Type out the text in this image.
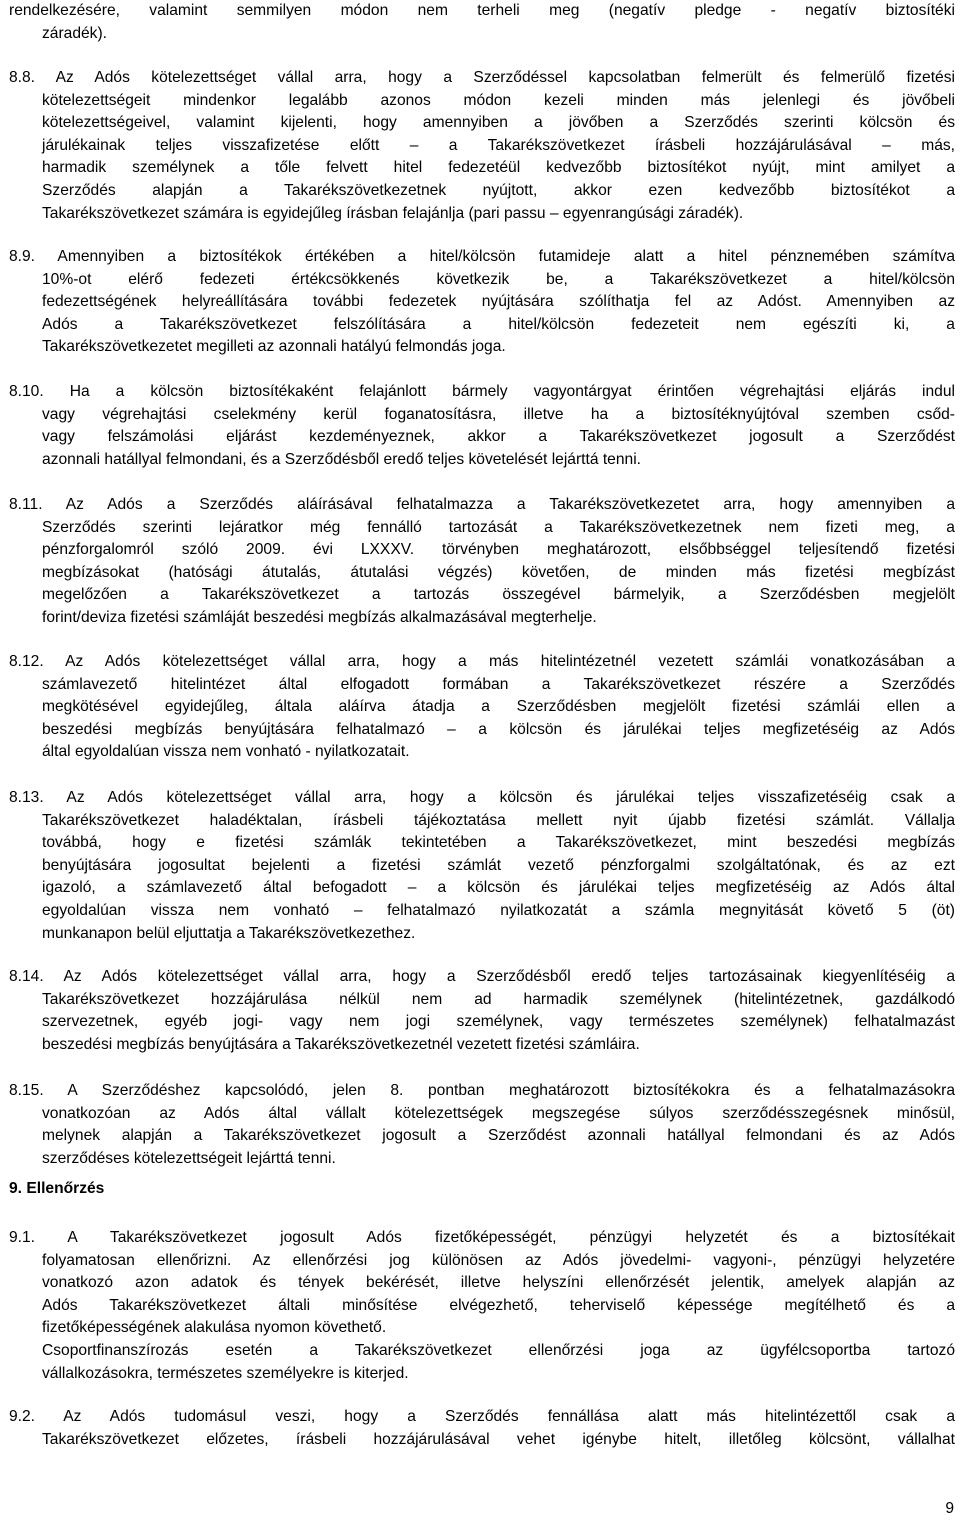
rendelkezésére, valamint semmilyen módon nem terheli meg (negatív pledge - negatív biztosítéki
záradék).
8.8. Az Adós kötelezettséget vállal arra, hogy a Szerződéssel kapcsolatban felmerült és felmerülő fizetési
kötelezettségeit mindenkor legalább azonos módon kezeli minden más jelenlegi és jövőbeli
kötelezettségeivel, valamint kijelenti, hogy amennyiben a jövőben a Szerződés szerinti kölcsön és
járulékainak teljes visszafizetése előtt – a Takarékszövetkezet írásbeli hozzájárulásával – más,
harmadik személynek a tőle felvett hitel fedezetéül kedvezőbb biztosítékot nyújt, mint amilyet a
Szerződés alapján a Takarékszövetkezetnek nyújtott, akkor ezen kedvezőbb biztosítékot a
Takarékszövetkezet számára is egyidejűleg írásban felajánlja (pari passu – egyenrangúsági záradék).
8.9. Amennyiben a biztosítékok értékében a hitel/kölcsön futamideje alatt a hitel pénznemében számítva
10%-ot elérő fedezeti értékcsökkenés következik be, a Takarékszövetkezet a hitel/kölcsön
fedezettségének helyreállítására további fedezetek nyújtására szólíthatja fel az Adóst. Amennyiben az
Adós a Takarékszövetkezet felszólítására a hitel/kölcsön fedezeteit nem egészíti ki, a
Takarékszövetkezetet megilleti az azonnali hatályú felmondás joga.
8.10. Ha a kölcsön biztosítékaként felajánlott bármely vagyontárgyat érintően végrehajtási eljárás indul
vagy végrehajtási cselekmény kerül foganatosításra, illetve ha a biztosítéknyújtóval szemben csőd-
vagy felszámolási eljárást kezdeményeznek, akkor a Takarékszövetkezet jogosult a Szerződést
azonnali hatállyal felmondani, és a Szerződésből eredő teljes követelését lejárttá tenni.
8.11. Az Adós a Szerződés aláírásával felhatalmazza a Takarékszövetkezetet arra, hogy amennyiben a
Szerződés szerinti lejáratkor még fennálló tartozását a Takarékszövetkezetnek nem fizeti meg, a
pénzforgalomról szóló 2009. évi LXXXV. törvényben meghatározott, elsőbbséggel teljesítendő fizetési
megbízásokat (hatósági átutalás, átutalási végzés) követően, de minden más fizetési megbízást
megelőzően a Takarékszövetkezet a tartozás összegével bármelyik, a Szerződésben megjelölt
forint/deviza fizetési számláját beszedési megbízás alkalmazásával megterhelje.
8.12. Az Adós kötelezettséget vállal arra, hogy a más hitelintézetnél vezetett számlái vonatkozásában a
számlavezető hitelintézet által elfogadott formában a Takarékszövetkezet részére a Szerződés
megkötésével egyidejűleg, általa aláírva átadja a Szerződésben megjelölt fizetési számlái ellen a
beszedési megbízás benyújtására felhatalmazó – a kölcsön és járulékai teljes megfizetéséig az Adós
által egyoldalúan vissza nem vonható - nyilatkozatait.
8.13. Az Adós kötelezettséget vállal arra, hogy a kölcsön és járulékai teljes visszafizetéséig csak a
Takarékszövetkezet haladéktalan, írásbeli tájékoztatása mellett nyit újabb fizetési számlát. Vállalja
továbbá, hogy e fizetési számlák tekintetében a Takarékszövetkezet, mint beszedési megbízás
benyújtására jogosultat bejelenti a fizetési számlát vezető pénzforgalmi szolgáltatónak, és az ezt
igazoló, a számlavezető által befogadott – a kölcsön és járulékai teljes megfizetéséig az Adós által
egyoldalúan vissza nem vonható – felhatalmazó nyilatkozatát a számla megnyitását követő 5 (öt)
munkanapon belül eljuttatja a Takarékszövetkezethez.
8.14. Az Adós kötelezettséget vállal arra, hogy a Szerződésből eredő teljes tartozásainak kiegyenlítéséig a
Takarékszövetkezet hozzájárulása nélkül nem ad harmadik személynek (hitelintézetnek, gazdálkodó
szervezetnek, egyéb jogi- vagy nem jogi személynek, vagy természetes személynek) felhatalmazást
beszedési megbízás benyújtására a Takarékszövetkezetnél vezetett fizetési számláira.
8.15. A Szerződéshez kapcsolódó, jelen 8. pontban meghatározott biztosítékokra és a felhatalmazásokra
vonatkozóan az Adós által vállalt kötelezettségek megszegése súlyos szerződésszegésnek minősül,
melynek alapján a Takarékszövetkezet jogosult a Szerződést azonnali hatállyal felmondani és az Adós
szerződéses kötelezettségeit lejárttá tenni.
9. Ellenőrzés
9.1. A Takarékszövetkezet jogosult Adós fizetőképességét, pénzügyi helyzetét és a biztosítékait
folyamatosan ellenőrizni. Az ellenőrzési jog különösen az Adós jövedelmi- vagyoni-, pénzügyi helyzetére
vonatkozó azon adatok és tények bekérését, illetve helyszíni ellenőrzését jelentik, amelyek alapján az
Adós Takarékszövetkezet általi minősítése elvégezhető, teherviselő képessége megítélhető és a
fizetőképességének alakulása nyomon követhető.
Csoportfinanszírozás esetén a Takarékszövetkezet ellenőrzési joga az ügyfélcsoportba tartozó
vállalkozásokra, természetes személyekre is kiterjed.
9.2. Az Adós tudomásul veszi, hogy a Szerződés fennállása alatt más hitelintézettől csak a
Takarékszövetkezet előzetes, írásbeli hozzájárulásával vehet igénybe hitelt, illetőleg kölcsönt, vállalhat
9
